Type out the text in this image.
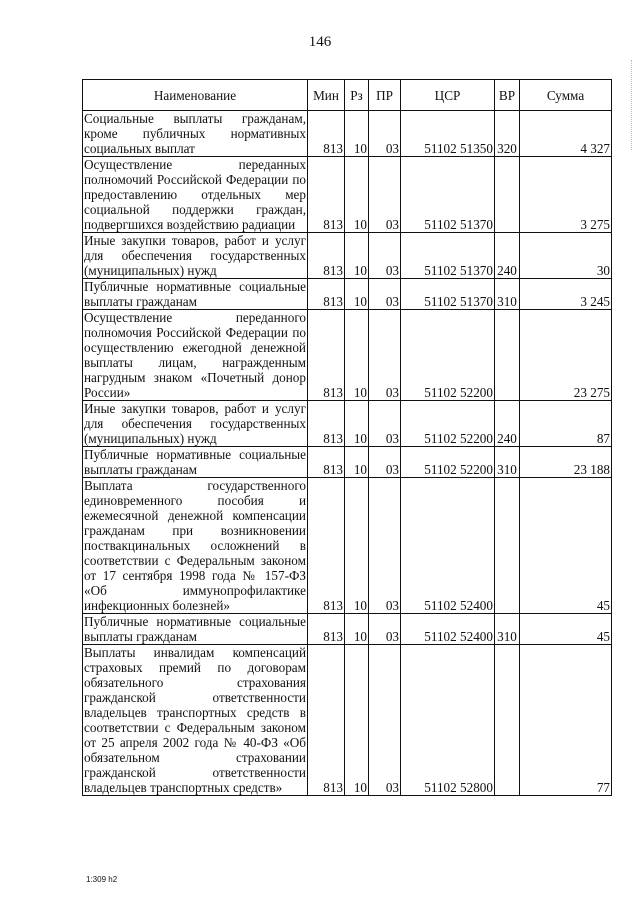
146
Наименование	Мин	Рз	ПР	ЦСР	ВР	Сумма
Социальные выплаты гражданам, кроме публичных нормативных социальных выплат	813	10	03	51102 51350	320	4 327
Осуществление переданных полномочий Российской Федерации по предоставлению отдельных мер социальной поддержки граждан, подвергшихся воздействию радиации	813	10	03	51102 51370		3 275
Иные закупки товаров, работ и услуг для обеспечения государственных (муниципальных) нужд	813	10	03	51102 51370	240	30
Публичные нормативные социальные выплаты гражданам	813	10	03	51102 51370	310	3 245
Осуществление переданного полномочия Российской Федерации по осуществлению ежегодной денежной выплаты лицам, награжденным нагрудным знаком «Почетный донор России»	813	10	03	51102 52200		23 275
Иные закупки товаров, работ и услуг для обеспечения государственных (муниципальных) нужд	813	10	03	51102 52200	240	87
Публичные нормативные социальные выплаты гражданам	813	10	03	51102 52200	310	23 188
Выплата государственного единовременного пособия и ежемесячной денежной компенсации гражданам при возникновении поствакцинальных осложнений в соответствии с Федеральным законом от 17 сентября 1998 года № 157-ФЗ «Об иммунопрофилактике инфекционных болезней»	813	10	03	51102 52400		45
Публичные нормативные социальные выплаты гражданам	813	10	03	51102 52400	310	45
Выплаты инвалидам компенсаций страховых премий по договорам обязательного страхования гражданской ответственности владельцев транспортных средств в соответствии с Федеральным законом от 25 апреля 2002 года № 40-ФЗ «Об обязательном страховании гражданской ответственности владельцев транспортных средств»	813	10	03	51102 52800		77
1:309 h2
